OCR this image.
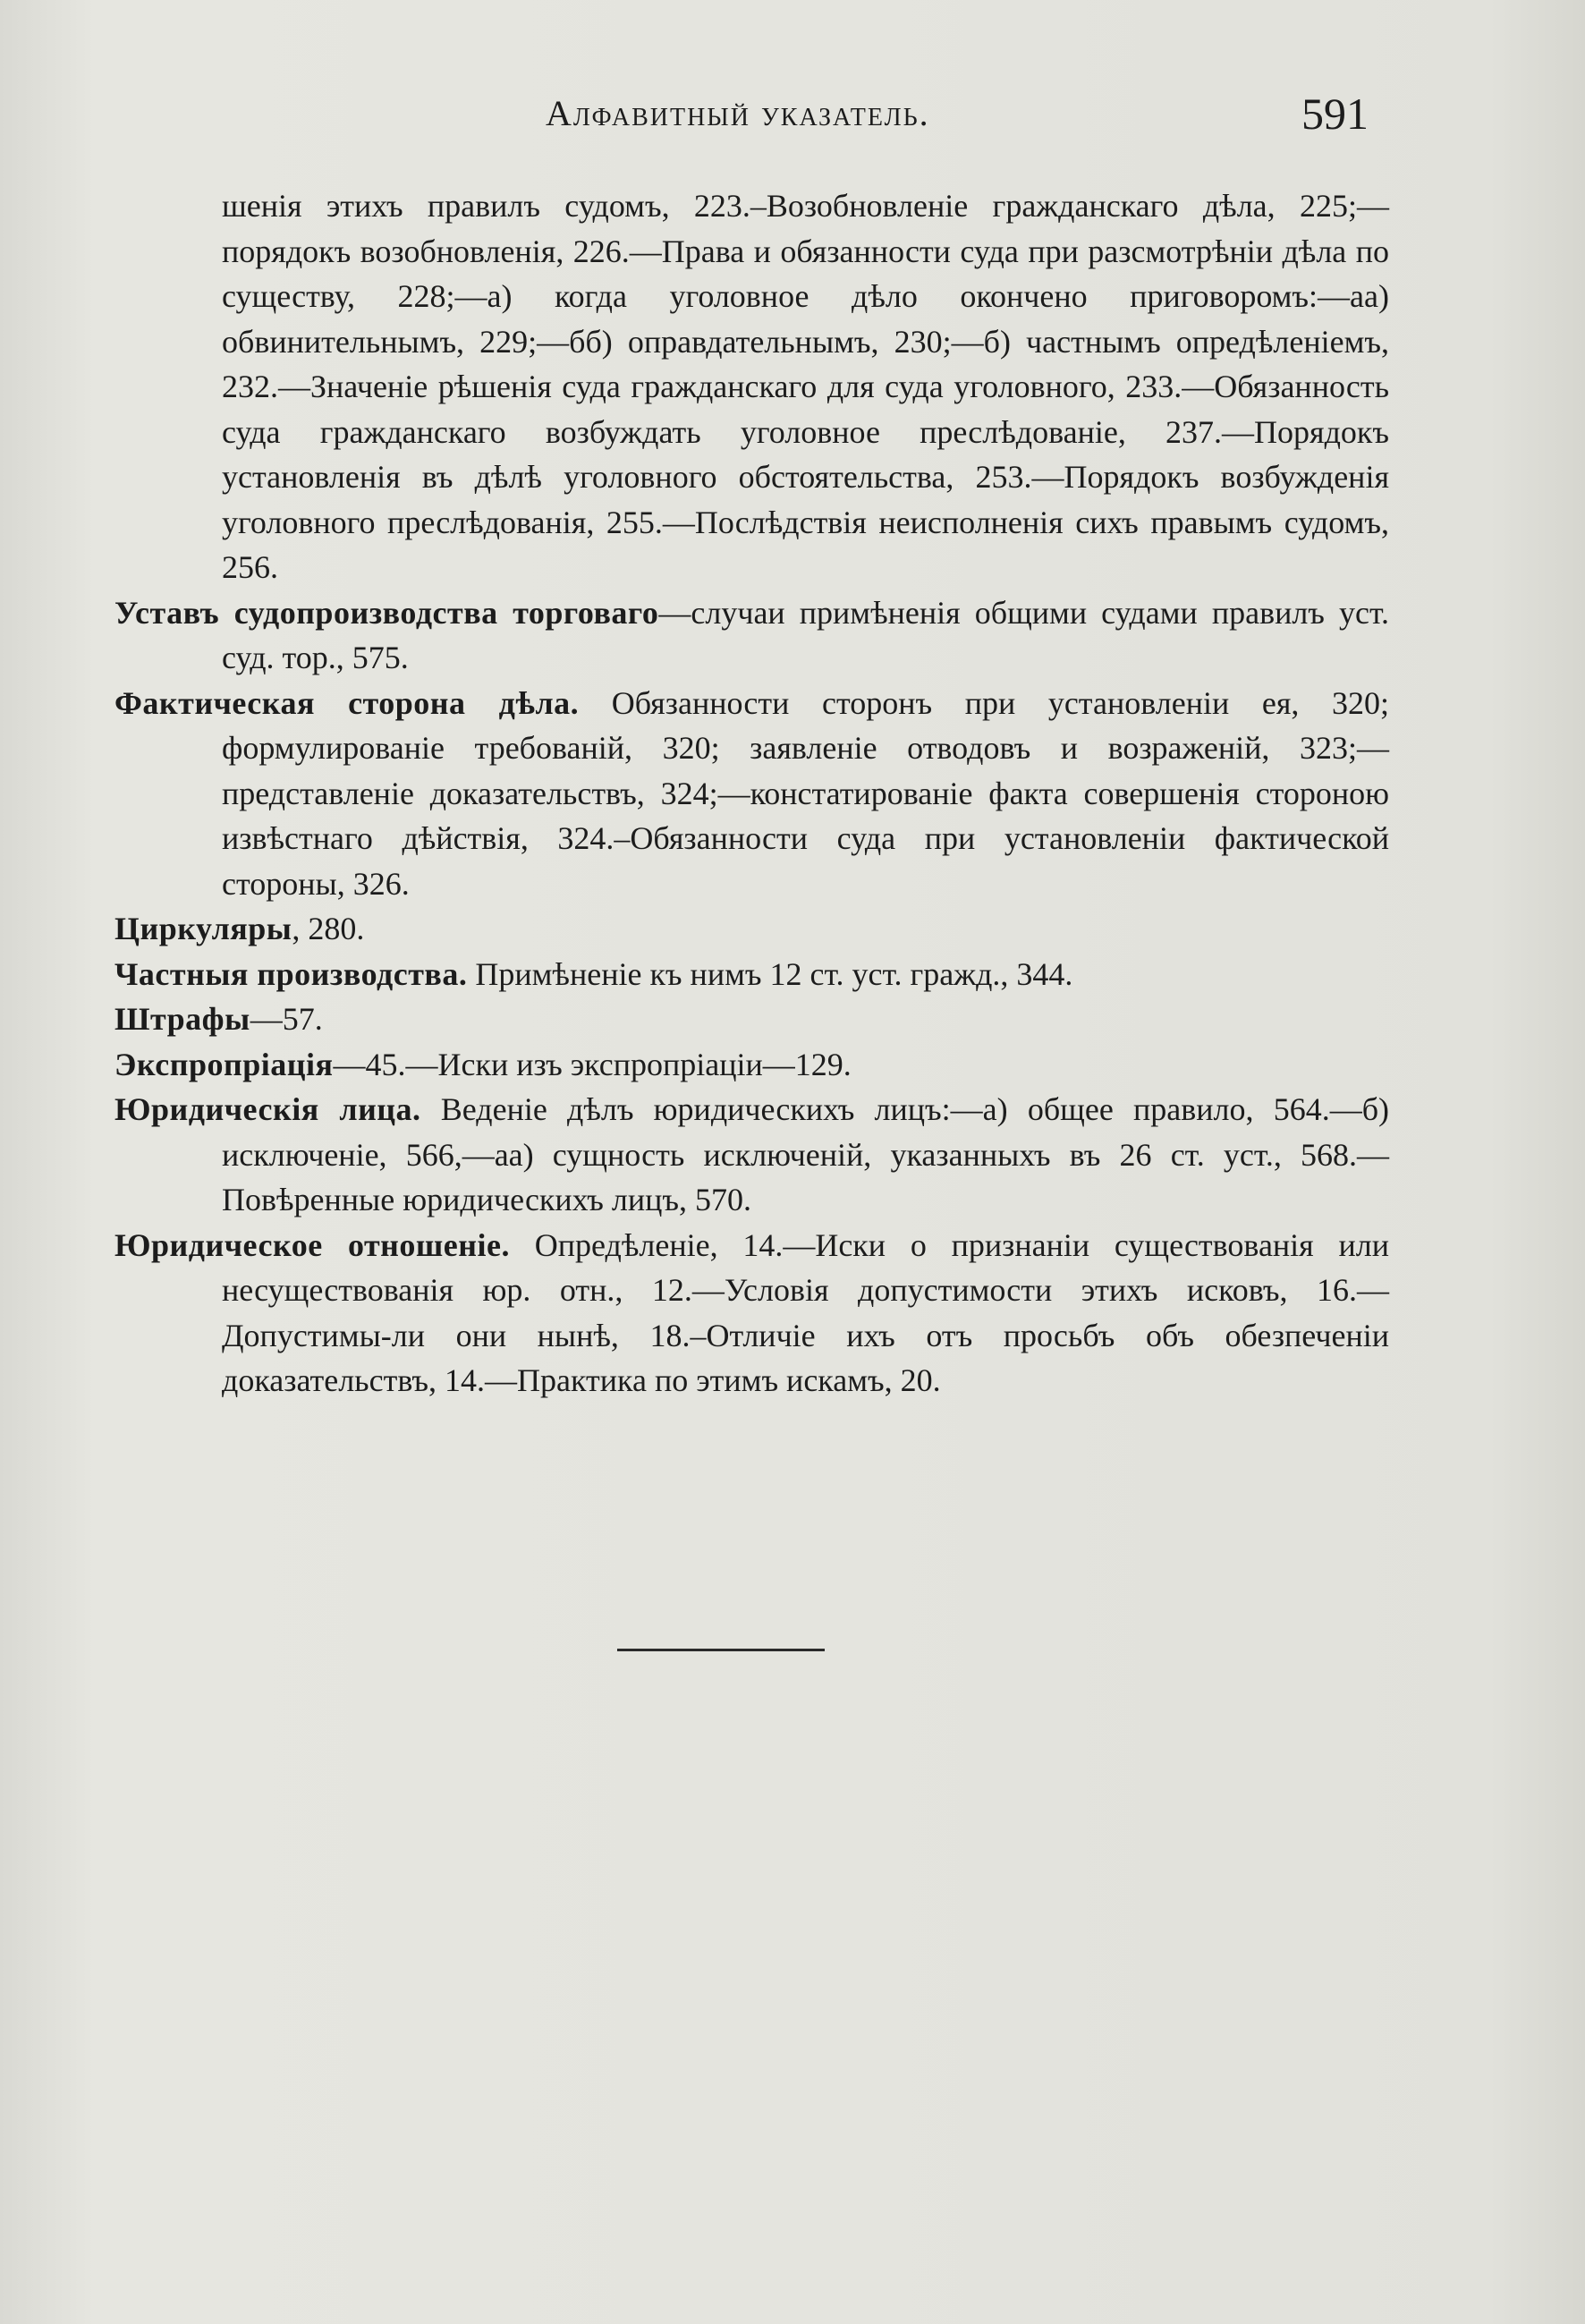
Алфавитный указатель.	591

шенія этихъ правилъ судомъ, 223.–Возобновленіе гражданскаго дѣла, 225;—порядокъ возобновленія, 226.—Права и обязанности суда при разсмотрѣніи дѣла по существу, 228;—а) когда уголовное дѣло окончено приговоромъ:—аа) обвинительнымъ, 229;—бб) оправдательнымъ, 230;—б) частнымъ опредѣленіемъ, 232.—Значеніе рѣшенія суда гражданскаго для суда уголовного, 233.—Обязанность суда гражданскаго возбуждать уголовное преслѣдованіе, 237.—Порядокъ установленія въ дѣлѣ уголовного обстоятельства, 253.—Порядокъ возбужденія уголовного преслѣдованія, 255.—Послѣдствія неисполненія сихъ правымъ судомъ, 256.

Уставъ судопроизводства торговаго—случаи примѣненія общими судами правилъ уст. суд. тор., 575.

Фактическая сторона дѣла. Обязанности сторонъ при установленіи ея, 320; формулированіе требованій, 320; заявленіе отводовъ и возраженій, 323;—представленіе доказательствъ, 324;—констатированіе факта совершенія стороною извѣстнаго дѣйствія, 324.–Обязанности суда при установленіи фактической стороны, 326.

Циркуляры, 280.

Частныя производства. Примѣненіе къ нимъ 12 ст. уст. гражд., 344.

Штрафы—57.

Экспропріація—45.—Иски изъ экспропріаціи—129.

Юридическія лица. Веденіе дѣлъ юридическихъ лицъ:—а) общее правило, 564.—б) исключеніе, 566,—аа) сущность исключеній, указанныхъ въ 26 ст. уст., 568.—Повѣренные юридическихъ лицъ, 570.

Юридическое отношеніе. Опредѣленіе, 14.—Иски о признаніи существованія или несуществованія юр. отн., 12.—Условія допустимости этихъ исковъ, 16.—Допустимы-ли они нынѣ, 18.–Отличіе ихъ отъ просьбъ объ обезпеченіи доказательствъ, 14.—Практика по этимъ искамъ, 20.
